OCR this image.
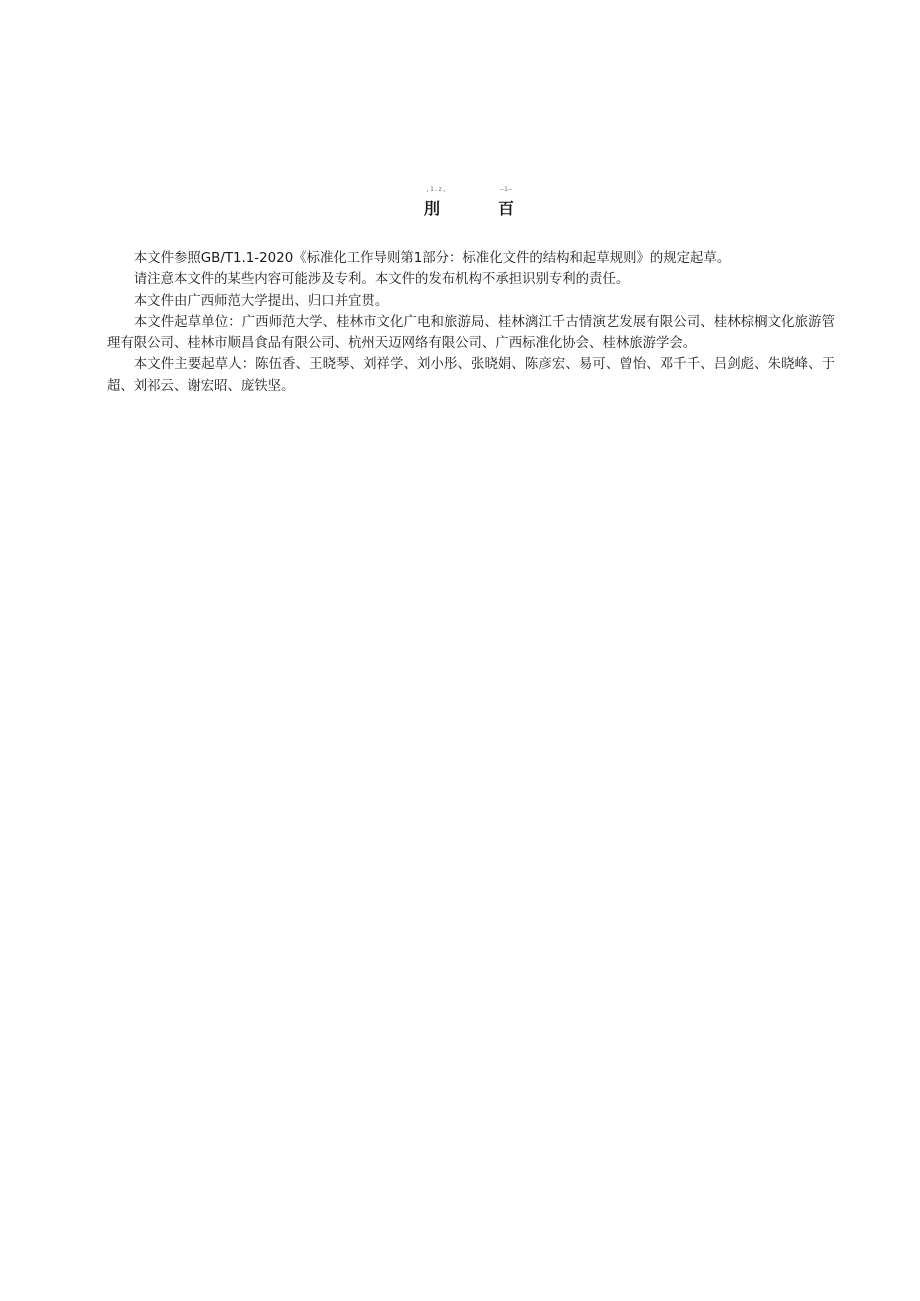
,1.z,	—1—
刖	百

本文件参照GB/T1.1-2020《标准化工作导则第1部分：标准化文件的结构和起草规则》的规定起草。

请注意本文件的某些内容可能涉及专利。本文件的发布机构不承担识别专利的责任。

本文件由广西师范大学提出、归口并宜贯。

本文件起草单位：广西师范大学、桂林市文化广电和旅游局、桂林漓江千古情演艺发展有限公司、桂林棕榈文化旅游管理有限公司、桂林市顺昌食品有限公司、杭州天迈网络有限公司、广西标准化协会、桂林旅游学会。

本文件主要起草人：陈伍香、王晓琴、刘祥学、刘小彤、张晓娟、陈彦宏、易可、曾怡、邓千千、吕剑彪、朱晓峰、于超、刘祁云、谢宏昭、庞铁坚。
